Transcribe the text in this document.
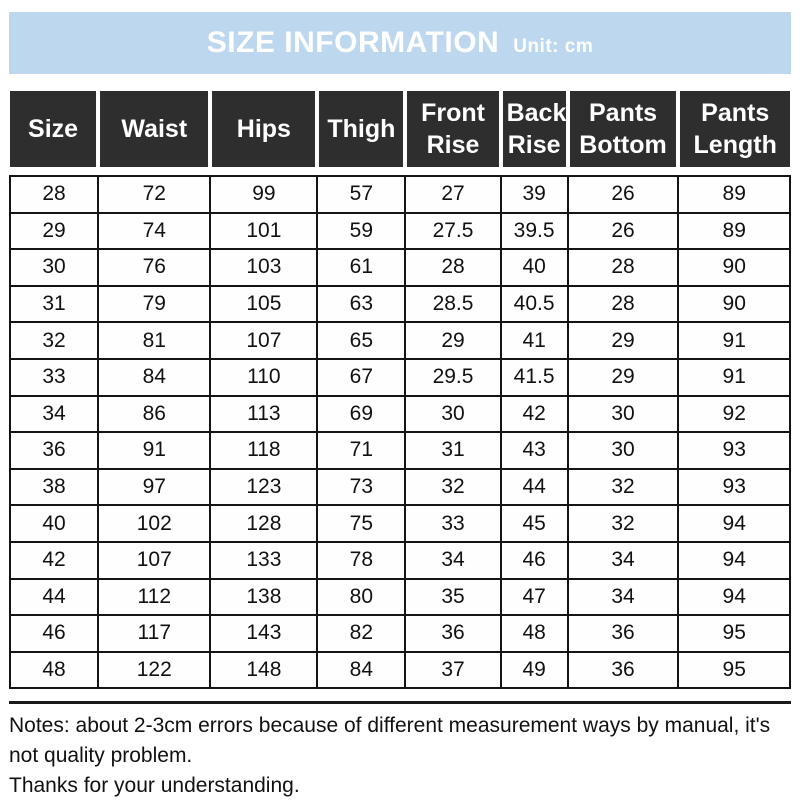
SIZE INFORMATION Unit: cm
Size	Waist	Hips	Thigh	Front Rise	Back Rise	Pants Bottom	Pants Length

28	72	99	57	27	39	26	89
29	74	101	59	27.5	39.5	26	89
30	76	103	61	28	40	28	90
31	79	105	63	28.5	40.5	28	90
32	81	107	65	29	41	29	91
33	84	110	67	29.5	41.5	29	91
34	86	113	69	30	42	30	92
36	91	118	71	31	43	30	93
38	97	123	73	32	44	32	93
40	102	128	75	33	45	32	94
42	107	133	78	34	46	34	94
44	112	138	80	35	47	34	94
46	117	143	82	36	48	36	95
48	122	148	84	37	49	36	95
Notes: about 2-3cm errors because of different measurement ways by manual, it's not quality problem.
Thanks for your understanding.
